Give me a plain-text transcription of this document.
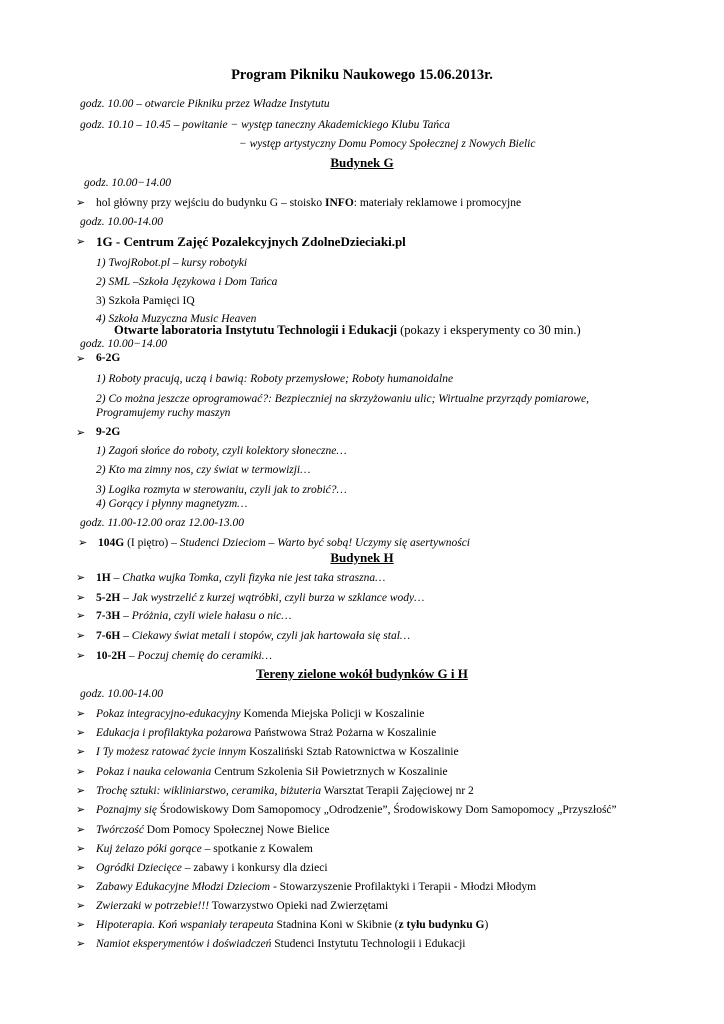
Program Pikniku Naukowego 15.06.2013r.
godz. 10.00 – otwarcie Pikniku przez Władze Instytutu
godz. 10.10 – 10.45 – powitanie − występ taneczny Akademickiego Klubu Tańca
− występ artystyczny Domu Pomocy Społecznej z Nowych Bielic
Budynek G
godz. 10.00−14.00
➢ hol główny przy wejściu do budynku G – stoisko INFO: materiały reklamowe i promocyjne
godz. 10.00-14.00
➢ 1G - Centrum Zajęć Pozalekcyjnych ZdolneDzieciaki.pl
1) TwojRobot.pl – kursy robotyki
2) SML –Szkoła Językowa i Dom Tańca
3) Szkoła Pamięci IQ
4) Szkoła Muzyczna Music Heaven
Otwarte laboratoria Instytutu Technologii i Edukacji (pokazy i eksperymenty co 30 min.)
godz. 10.00−14.00
➢ 6-2G
1) Roboty pracują, uczą i bawią: Roboty przemysłowe; Roboty humanoidalne
2) Co można jeszcze oprogramować?: Bezpieczniej na skrzyżowaniu ulic; Wirtualne przyrządy pomiarowe,
Programujemy ruchy maszyn
➢ 9-2G
1) Zagoń słońce do roboty, czyli kolektory słoneczne…
2) Kto ma zimny nos, czy świat w termowizji…
3) Logika rozmyta w sterowaniu, czyli jak to zrobić?…
4) Gorący i płynny magnetyzm…
godz. 11.00-12.00 oraz 12.00-13.00
➢ 104G (I piętro) – Studenci Dzieciom – Warto być sobą! Uczymy się asertywności
Budynek H
➢ 1H – Chatka wujka Tomka, czyli fizyka nie jest taka straszna…
➢ 5-2H – Jak wystrzelić z kurzej wątróbki, czyli burza w szklance wody…
➢ 7-3H – Próżnia, czyli wiele hałasu o nic…
➢ 7-6H – Ciekawy świat metali i stopów, czyli jak hartowała się stal…
➢ 10-2H – Poczuj chemię do ceramiki…
Tereny zielone wokół budynków G i H
godz. 10.00-14.00
➢ Pokaz integracyjno-edukacyjny Komenda Miejska Policji w Koszalinie
➢ Edukacja i profilaktyka pożarowa Państwowa Straż Pożarna w Koszalinie
➢ I Ty możesz ratować życie innym Koszaliński Sztab Ratownictwa w Koszalinie
➢ Pokaz i nauka celowania Centrum Szkolenia Sił Powietrznych w Koszalinie
➢ Trochę sztuki: wikliniarstwo, ceramika, biżuteria Warsztat Terapii Zajęciowej nr 2
➢ Poznajmy się Środowiskowy Dom Samopomocy „Odrodzenie”, Środowiskowy Dom Samopomocy „Przyszłość”
➢ Twórczość Dom Pomocy Społecznej Nowe Bielice
➢ Kuj żelazo póki gorące – spotkanie z Kowalem
➢ Ogródki Dziecięce – zabawy i konkursy dla dzieci
➢ Zabawy Edukacyjne Młodzi Dzieciom - Stowarzyszenie Profilaktyki i Terapii - Młodzi Młodym
➢ Zwierzaki w potrzebie!!! Towarzystwo Opieki nad Zwierzętami
➢ Hipoterapia. Koń wspaniały terapeuta Stadnina Koni w Skibnie (z tyłu budynku G)
➢ Namiot eksperymentów i doświadczeń Studenci Instytutu Technologii i Edukacji
